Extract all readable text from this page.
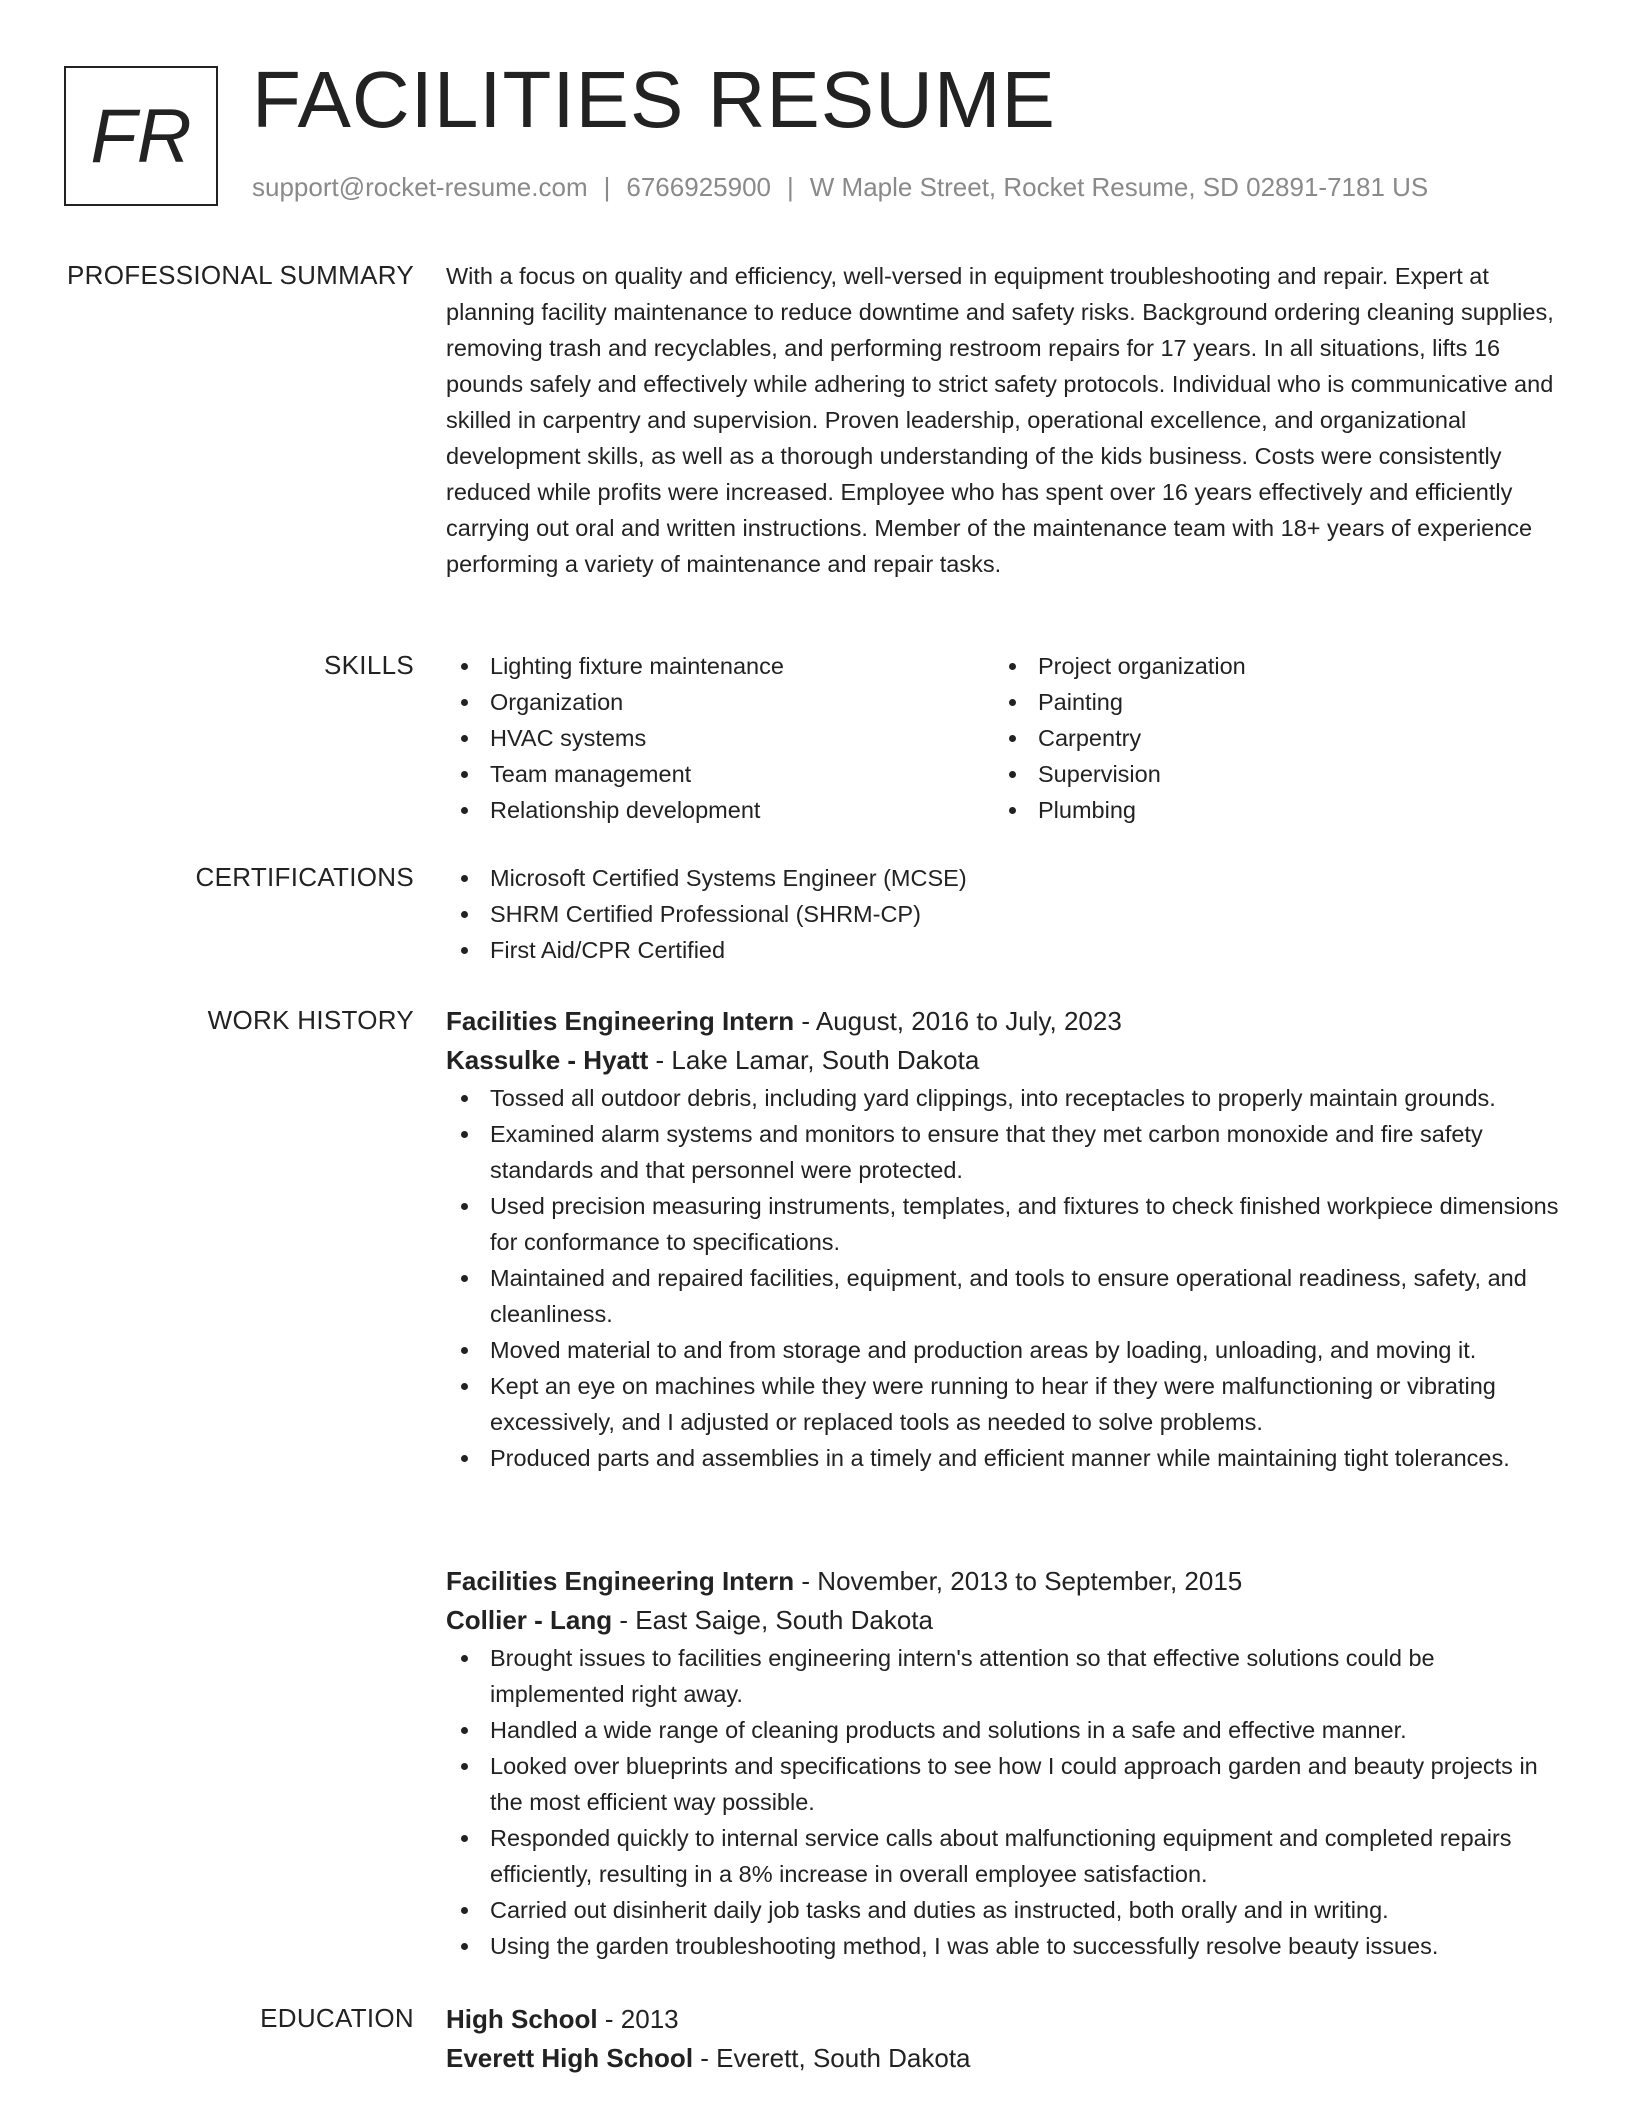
FR FACILITIES RESUME
support@rocket-resume.com | 6766925900 | W Maple Street, Rocket Resume, SD 02891-7181 US
PROFESSIONAL SUMMARY With a focus on quality and efficiency, well-versed in equipment troubleshooting and repair. Expert at planning facility maintenance to reduce downtime and safety risks. Background ordering cleaning supplies, removing trash and recyclables, and performing restroom repairs for 17 years. In all situations, lifts 16 pounds safely and effectively while adhering to strict safety protocols. Individual who is communicative and skilled in carpentry and supervision. Proven leadership, operational excellence, and organizational development skills, as well as a thorough understanding of the kids business. Costs were consistently reduced while profits were increased. Employee who has spent over 16 years effectively and efficiently carrying out oral and written instructions. Member of the maintenance team with 18+ years of experience performing a variety of maintenance and repair tasks.

SKILLS	Lighting fixture maintenance
Organization
HVAC systems
Team management
Relationship development
Project organization
Painting
Carpentry
Supervision
Plumbing
CERTIFICATIONS	Microsoft Certified Systems Engineer (MCSE)
SHRM Certified Professional (SHRM-CP)
First Aid/CPR Certified
WORK HISTORY Facilities Engineering Intern - August, 2016 to July, 2023
Kassulke - Hyatt - Lake Lamar, South Dakota
Tossed all outdoor debris, including yard clippings, into receptacles to properly maintain grounds.
Examined alarm systems and monitors to ensure that they met carbon monoxide and fire safety standards and that personnel were protected.
Used precision measuring instruments, templates, and fixtures to check finished workpiece dimensions for conformance to specifications.
Maintained and repaired facilities, equipment, and tools to ensure operational readiness, safety, and cleanliness.
Moved material to and from storage and production areas by loading, unloading, and moving it.
Kept an eye on machines while they were running to hear if they were malfunctioning or vibrating excessively, and I adjusted or replaced tools as needed to solve problems.
Produced parts and assemblies in a timely and efficient manner while maintaining tight tolerances.
Facilities Engineering Intern - November, 2013 to September, 2015
Collier - Lang - East Saige, South Dakota
Brought issues to facilities engineering intern's attention so that effective solutions could be implemented right away.
Handled a wide range of cleaning products and solutions in a safe and effective manner.
Looked over blueprints and specifications to see how I could approach garden and beauty projects in the most efficient way possible.
Responded quickly to internal service calls about malfunctioning equipment and completed repairs efficiently, resulting in a 8% increase in overall employee satisfaction.
Carried out disinherit daily job tasks and duties as instructed, both orally and in writing.
Using the garden troubleshooting method, I was able to successfully resolve beauty issues.
EDUCATION High School - 2013
Everett High School - Everett, South Dakota
